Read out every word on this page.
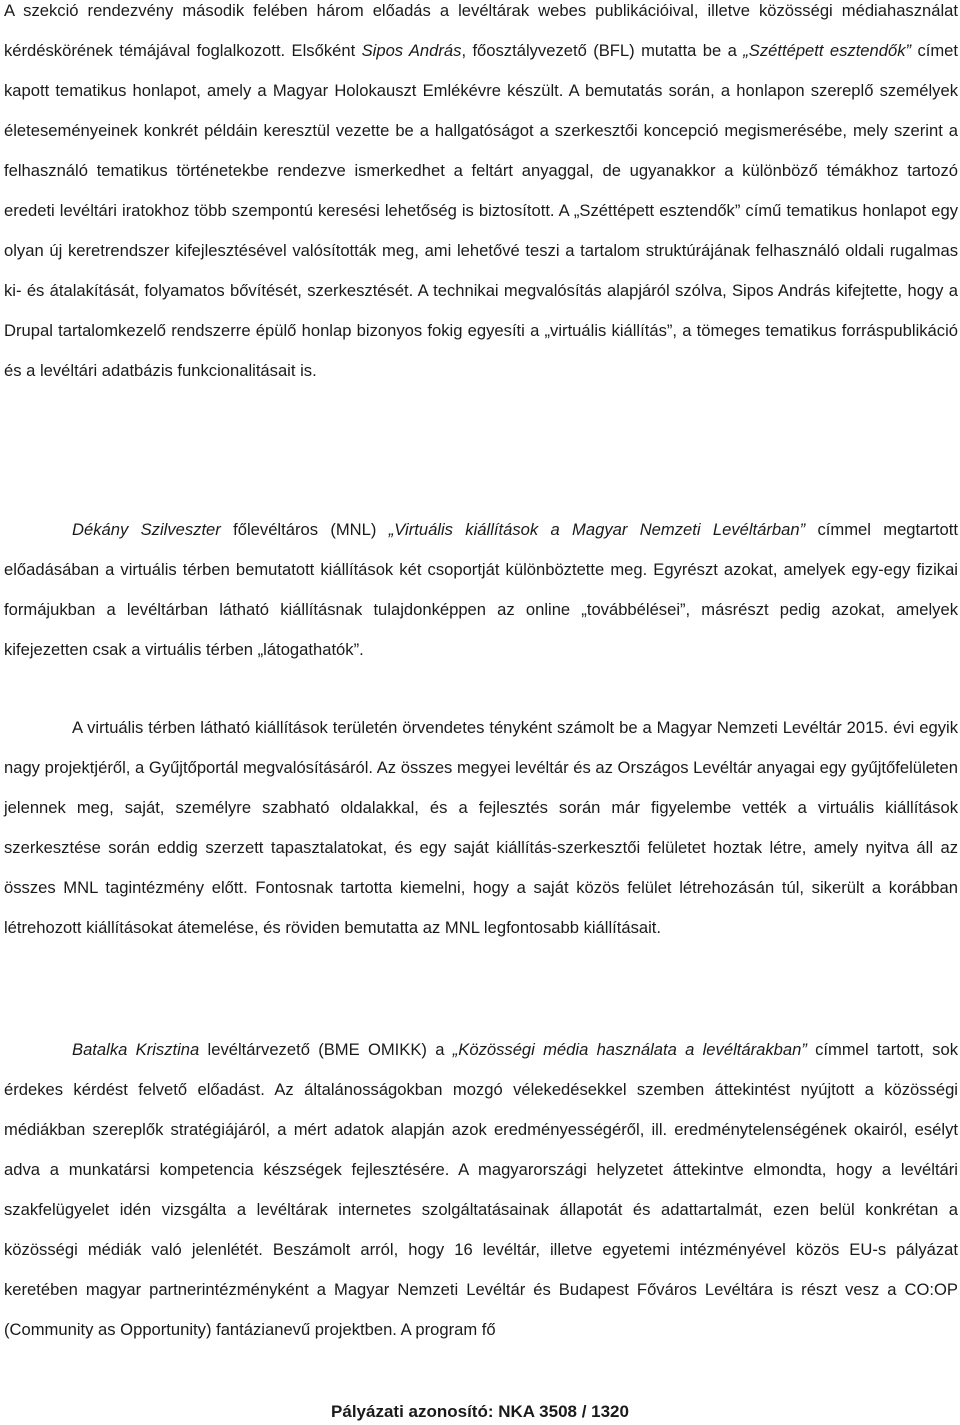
A szekció rendezvény második felében három előadás a levéltárak webes publikációival, illetve közösségi médiahasználat kérdéskörének témájával foglalkozott. Elsőként Sipos András, főosztályvezető (BFL) mutatta be a „Széttépett esztendők” címet kapott tematikus honlapot, amely a Magyar Holokauszt Emlékévre készült. A bemutatás során, a honlapon szereplő személyek életeseményeinek konkrét példáin keresztül vezette be a hallgatóságot a szerkesztői koncepció megismerésébe, mely szerint a felhasználó tematikus történetekbe rendezve ismerkedhet a feltárt anyaggal, de ugyanakkor a különböző témákhoz tartozó eredeti levéltári iratokhoz több szempontú keresési lehetőség is biztosított. A „Széttépett esztendők” című tematikus honlapot egy olyan új keretrendszer kifejlesztésével valósították meg, ami lehetővé teszi a tartalom struktúrájának felhasználó oldali rugalmas ki- és átalakítását, folyamatos bővítését, szerkesztését. A technikai megvalósítás alapjáról szólva, Sipos András kifejtette, hogy a Drupal tartalomkezelő rendszerre épülő honlap bizonyos fokig egyesíti a „virtuális kiállítás”, a tömeges tematikus forráspublikáció és a levéltári adatbázis funkcionalitásait is.

Dékány Szilveszter főlevéltáros (MNL) „Virtuális kiállítások a Magyar Nemzeti Levéltárban” címmel megtartott előadásában a virtuális térben bemutatott kiállítások két csoportját különböztette meg. Egyrészt azokat, amelyek egy-egy fizikai formájukban a levéltárban látható kiállításnak tulajdonképpen az online „továbbélései”, másrészt pedig azokat, amelyek kifejezetten csak a virtuális térben „látogathatók”.

A virtuális térben látható kiállítások területén örvendetes tényként számolt be a Magyar Nemzeti Levéltár 2015. évi egyik nagy projektjéről, a Gyűjtőportál megvalósításáról. Az összes megyei levéltár és az Országos Levéltár anyagai egy gyűjtőfelületen jelennek meg, saját, személyre szabható oldalakkal, és a fejlesztés során már figyelembe vették a virtuális kiállítások szerkesztése során eddig szerzett tapasztalatokat, és egy saját kiállítás-szerkesztői felületet hoztak létre, amely nyitva áll az összes MNL tagintézmény előtt. Fontosnak tartotta kiemelni, hogy a saját közös felület létrehozásán túl, sikerült a korábban létrehozott kiállításokat átemelése, és röviden bemutatta az MNL legfontosabb kiállításait.

Batalka Krisztina levéltárvezető (BME OMIKK) a „Közösségi média használata a levéltárakban” címmel tartott, sok érdekes kérdést felvető előadást. Az általánosságokban mozgó vélekedésekkel szemben áttekintést nyújtott a közösségi médiákban szereplők stratégiájáról, a mért adatok alapján azok eredményességéről, ill. eredménytelenségének okairól, esélyt adva a munkatársi kompetencia készségek fejlesztésére. A magyarországi helyzetet áttekintve elmondta, hogy a levéltári szakfelügyelet idén vizsgálta a levéltárak internetes szolgáltatásainak állapotát és adattartalmát, ezen belül konkrétan a közösségi médiák való jelenlétét. Beszámolt arról, hogy 16 levéltár, illetve egyetemi intézményével közös EU-s pályázat keretében magyar partnerintézményként a Magyar Nemzeti Levéltár és Budapest Főváros Levéltára is részt vesz a CO:OP (Community as Opportunity) fantázianevű projektben. A program fő

Pályázati azonosító: NKA 3508 / 1320
